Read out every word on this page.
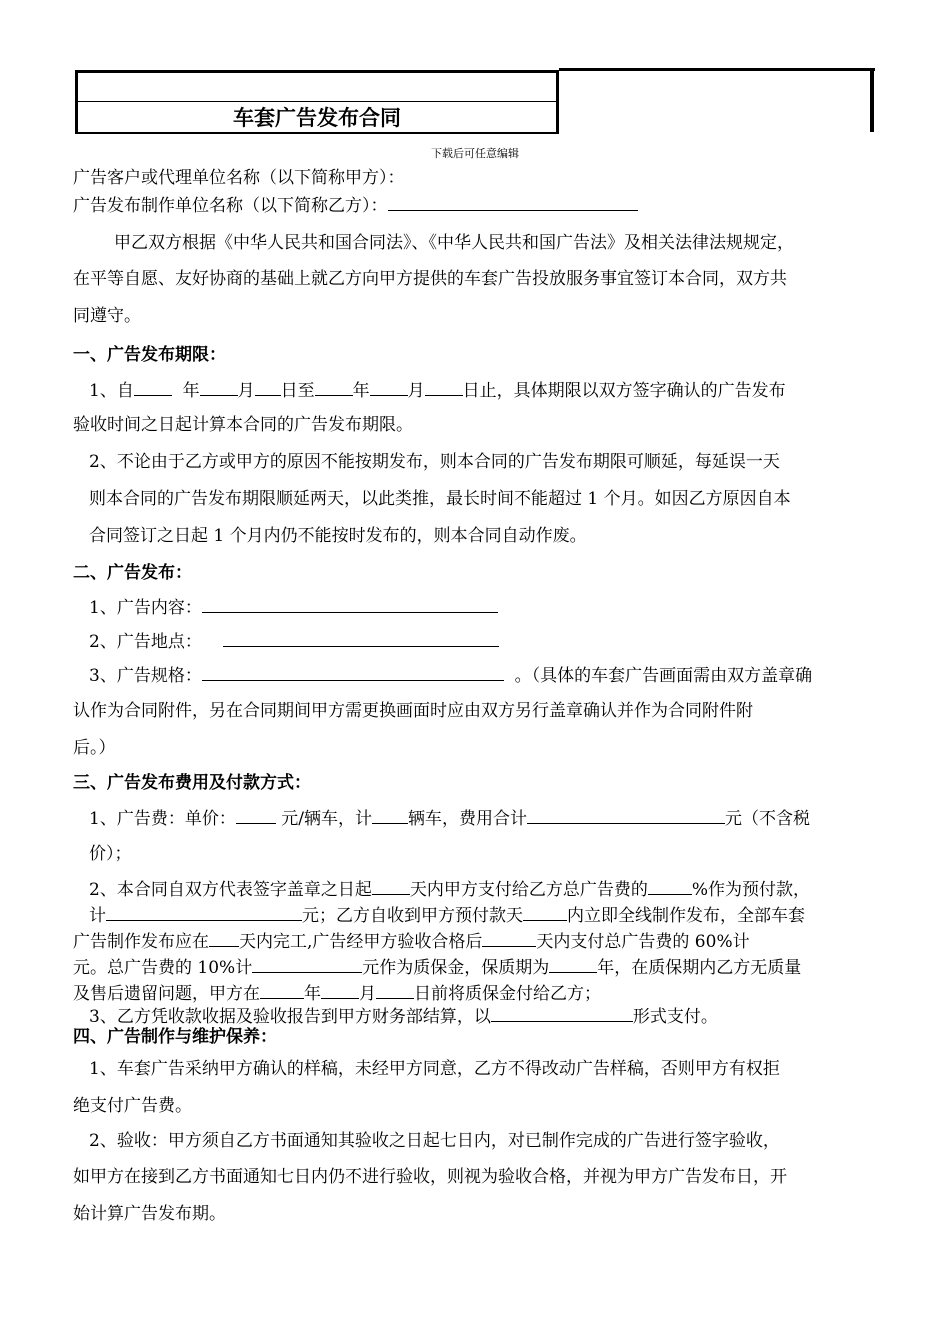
车套广告发布合同
下载后可任意编辑
广告客户或代理单位名称（以下简称甲方）：
广告发布制作单位名称（以下简称乙方）：
甲乙双方根据《中华人民共和国合同法》、《中华人民共和国广告法》及相关法律法规规定，
在平等自愿、友好协商的基础上就乙方向甲方提供的车套广告投放服务事宜签订本合同，双方共
同遵守。
一、广告发布期限：
1、自	年 月 日至 年 月 日止，具体期限以双方签字确认的广告发布
验收时间之日起计算本合同的广告发布期限。
2、不论由于乙方或甲方的原因不能按期发布，则本合同的广告发布期限可顺延，每延误一天
则本合同的广告发布期限顺延两天，以此类推，最长时间不能超过 1 个月。如因乙方原因自本
合同签订之日起 1 个月内仍不能按时发布的，则本合同自动作废。
二、广告发布：
1、广告内容：
2、广告地点：
3、广告规格：	。（具体的车套广告画面需由双方盖章确
认作为合同附件，另在合同期间甲方需更换画面时应由双方另行盖章确认并作为合同附件附
后。）
三、广告发布费用及付款方式：
1、广告费：单价：	元/辆车，计 辆车，费用合计	元（不含税
价）；
2、本合同自双方代表签字盖章之日起 天内甲方支付给乙方总广告费的	%作为预付款，
计	元；乙方自收到甲方预付款天	内立即全线制作发布，全部车套
广告制作发布应在 天内完工,广告经甲方验收合格后	天内支付总广告费的 60%计
元。总广告费的 10%计	元作为质保金，保质期为	年，在质保期内乙方无质量
及售后遗留问题，甲方在	年 月 日前将质保金付给乙方；
3、乙方凭收款收据及验收报告到甲方财务部结算，以	形式支付。
四、广告制作与维护保养：
1、车套广告采纳甲方确认的样稿，未经甲方同意，乙方不得改动广告样稿，否则甲方有权拒
绝支付广告费。
2、验收：甲方须自乙方书面通知其验收之日起七日内，对已制作完成的广告进行签字验收，
如甲方在接到乙方书面通知七日内仍不进行验收，则视为验收合格，并视为甲方广告发布日，开
始计算广告发布期。
